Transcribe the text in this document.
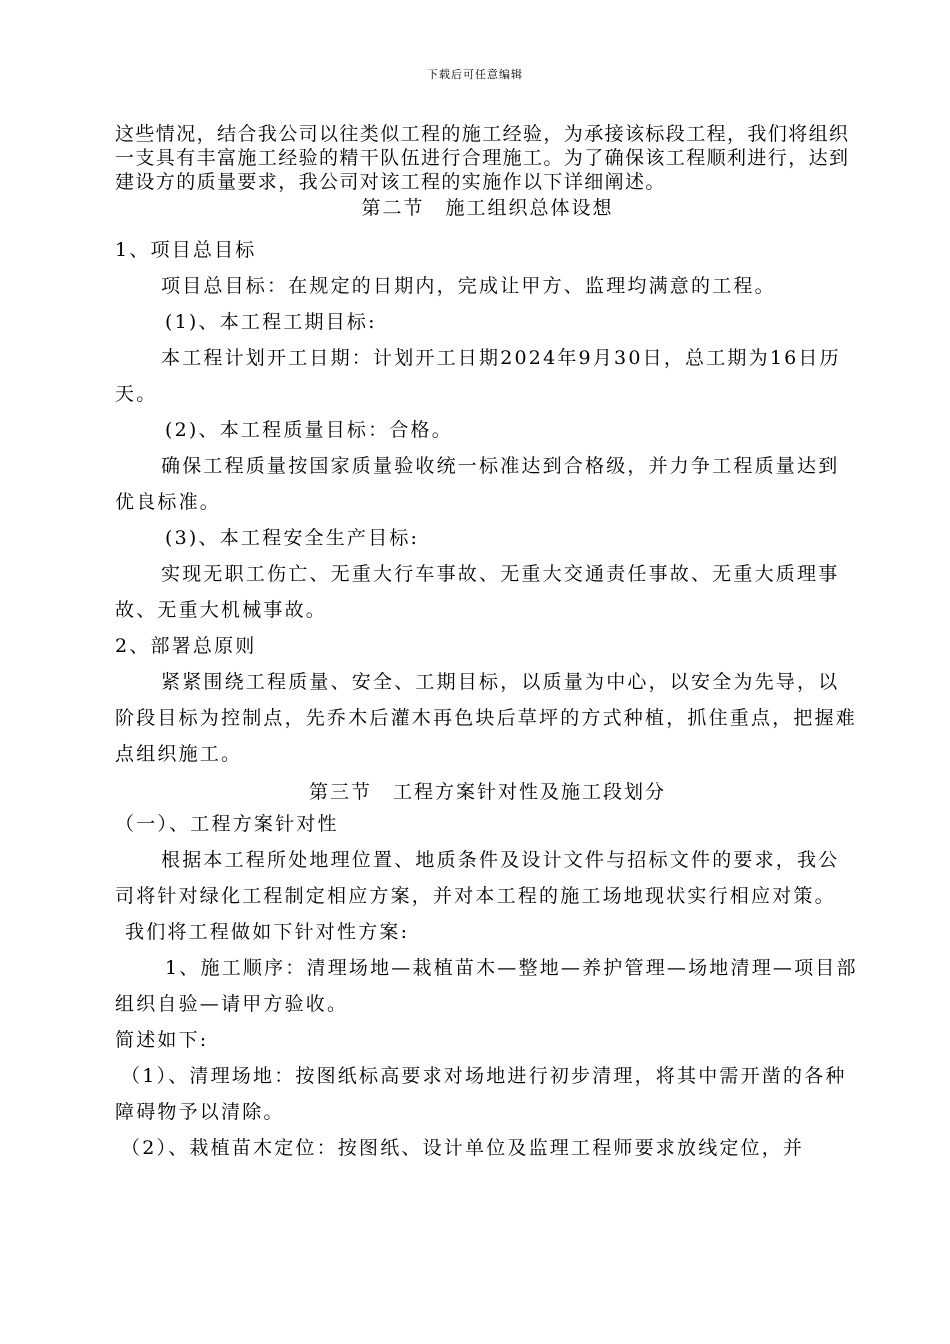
下载后可任意编辑

这些情况，结合我公司以往类似工程的施工经验，为承接该标段工程，我们将组织一支具有丰富施工经验的精干队伍进行合理施工。为了确保该工程顺利进行，达到建设方的质量要求，我公司对该工程的实施作以下详细阐述。

第二节　施工组织总体设想

1、项目总目标

项目总目标：在规定的日期内，完成让甲方、监理均满意的工程。

(1)、本工程工期目标:

本工程计划开工日期：计划开工日期2024年9月30日，总工期为16日历天。

(2)、本工程质量目标：合格。

确保工程质量按国家质量验收统一标准达到合格级，并力争工程质量达到优良标准。

(3)、本工程安全生产目标:

实现无职工伤亡、无重大行车事故、无重大交通责任事故、无重大质理事故、无重大机械事故。

2、部署总原则

紧紧围绕工程质量、安全、工期目标，以质量为中心，以安全为先导，以阶段目标为控制点，先乔木后灌木再色块后草坪的方式种植，抓住重点，把握难点组织施工。

第三节　工程方案针对性及施工段划分

（一）、工程方案针对性

根据本工程所处地理位置、地质条件及设计文件与招标文件的要求，我公司将针对绿化工程制定相应方案，并对本工程的施工场地现状实行相应对策。

我们将工程做如下针对性方案:

1、施工顺序：清理场地—栽植苗木—整地—养护管理—场地清理—项目部组织自验—请甲方验收。

简述如下:

（1）、清理场地：按图纸标高要求对场地进行初步清理，将其中需开凿的各种障碍物予以清除。

（2）、栽植苗木定位：按图纸、设计单位及监理工程师要求放线定位，并
